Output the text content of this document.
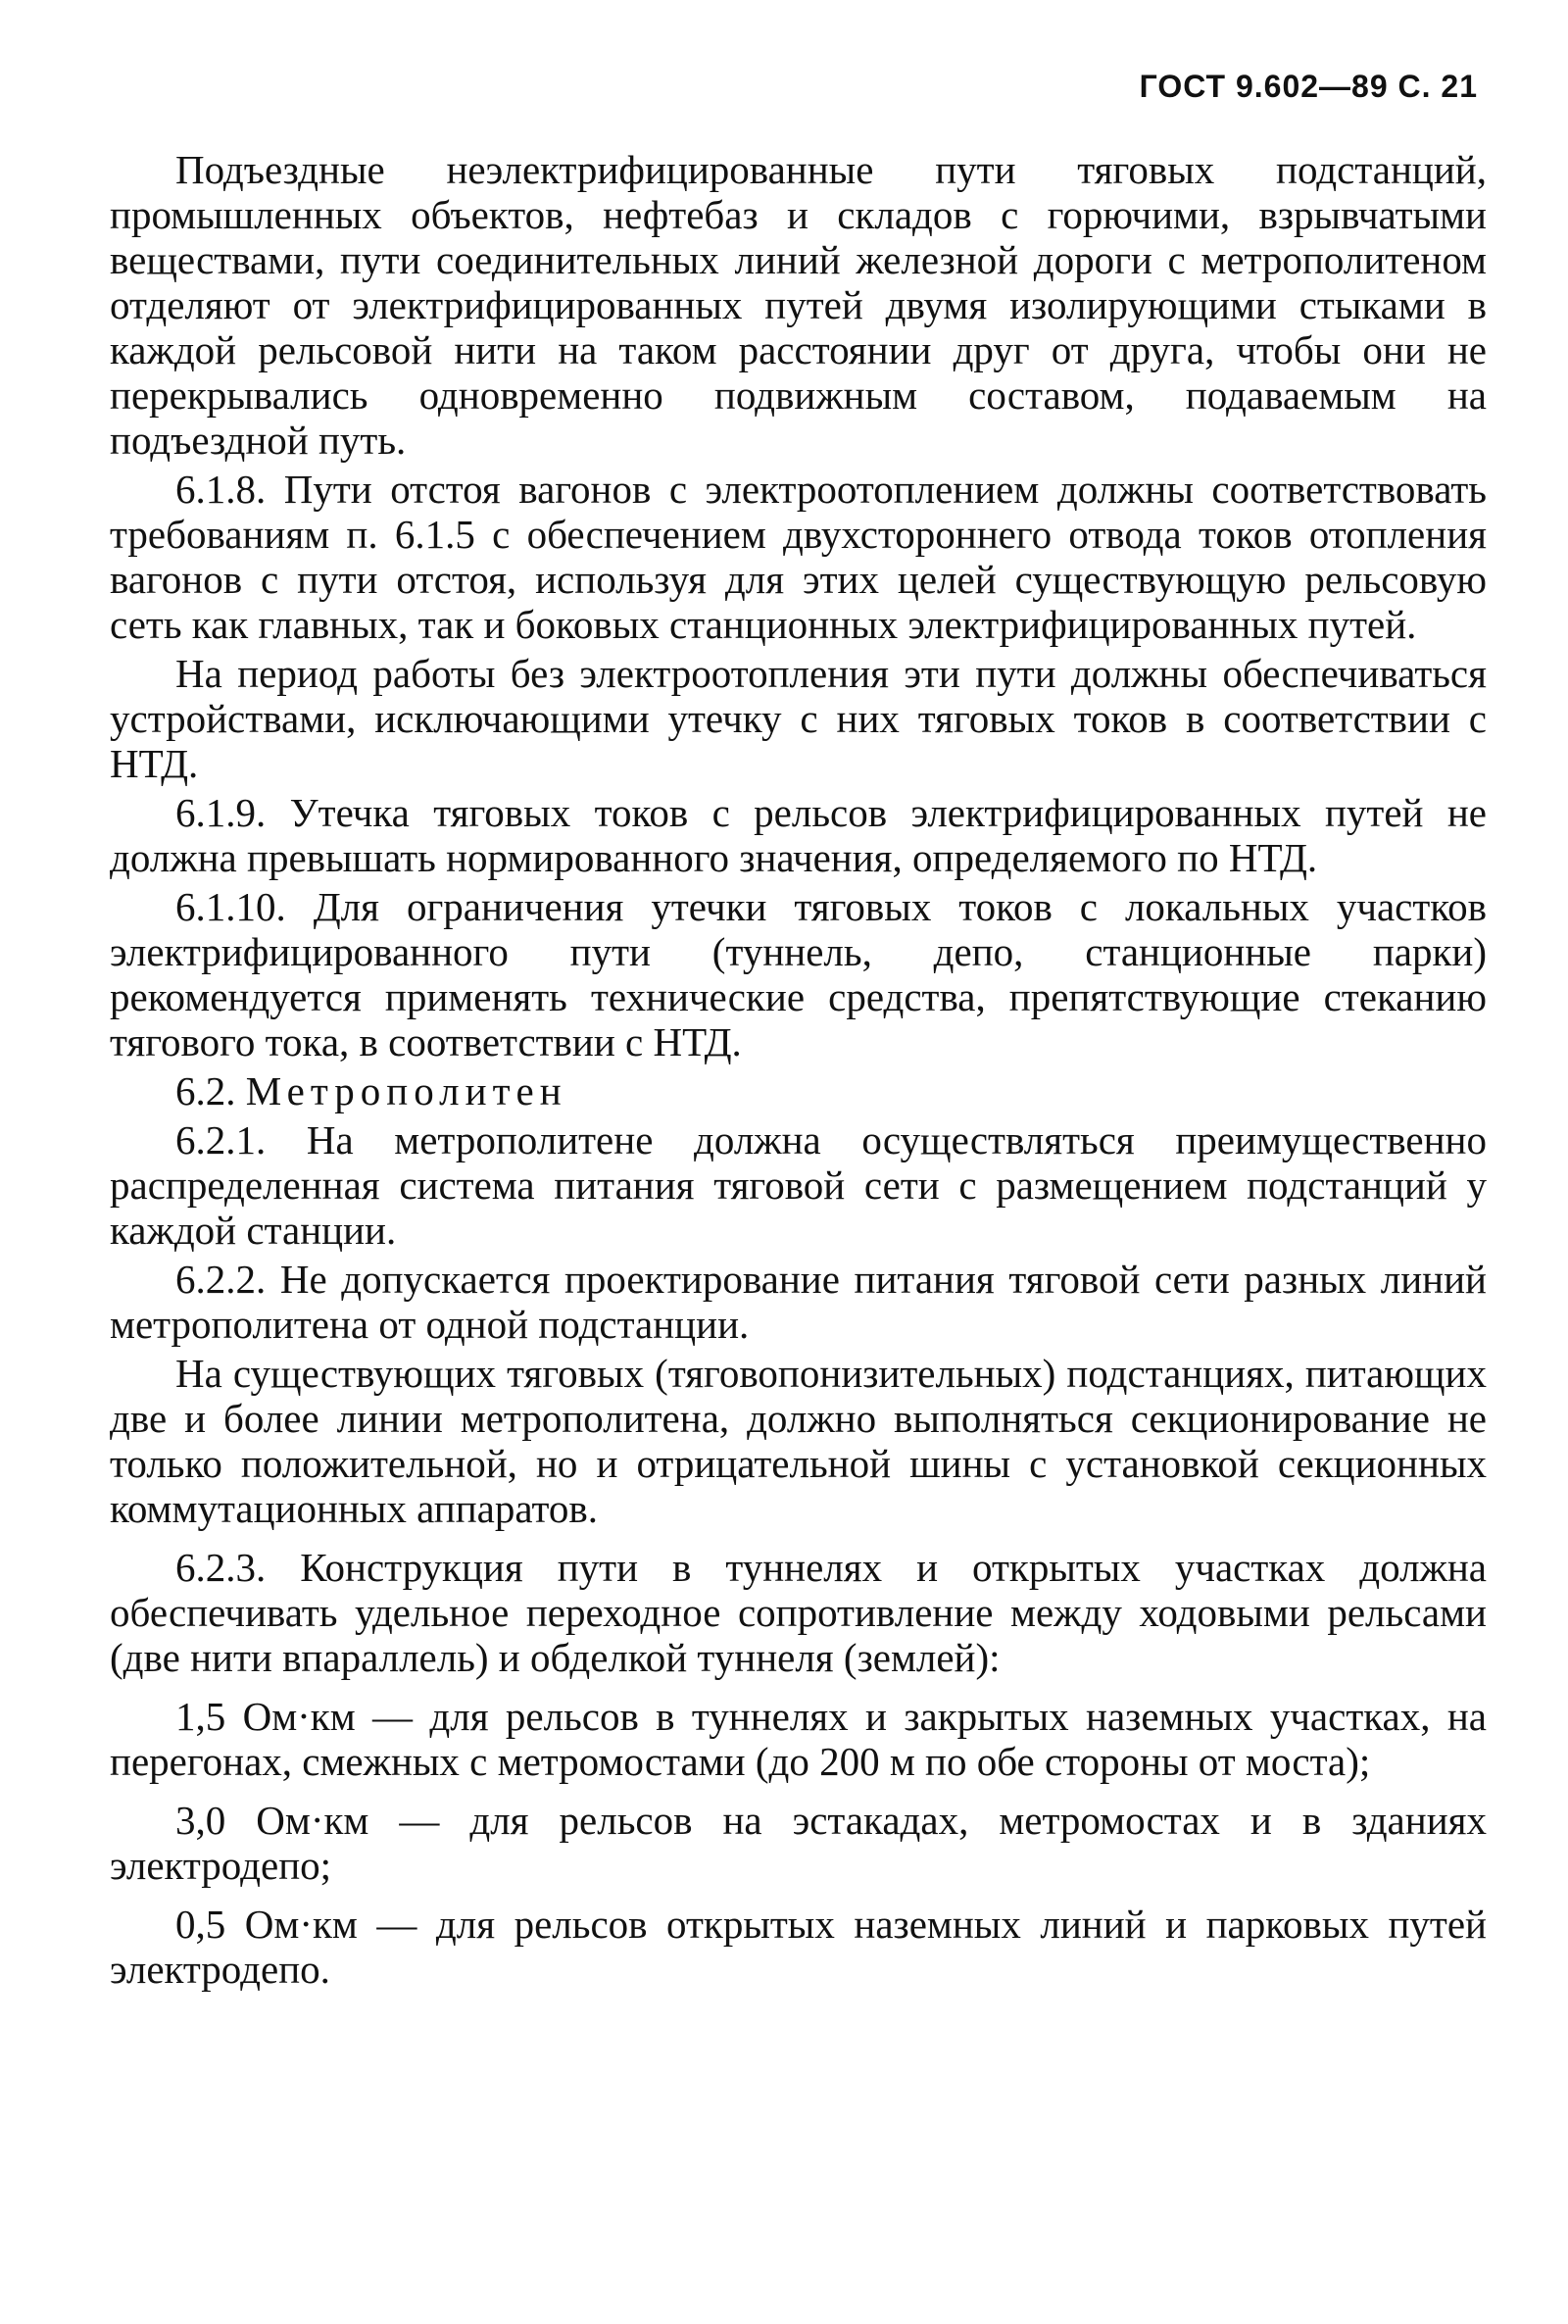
ГОСТ 9.602—89 С. 21

Подъездные неэлектрифицированные пути тяговых подстанций, промышленных объектов, нефтебаз и складов с горючими, взрывчатыми веществами, пути соединительных линий железной дороги с метрополитеном отделяют от электрифицированных путей двумя изолирующими стыками в каждой рельсовой нити на таком расстоянии друг от друга, чтобы они не перекрывались одновременно подвижным составом, подаваемым на подъездной путь.

6.1.8. Пути отстоя вагонов с электроотоплением должны соответствовать требованиям п. 6.1.5 с обеспечением двухстороннего отвода токов отопления вагонов с пути отстоя, используя для этих целей существующую рельсовую сеть как главных, так и боковых станционных электрифицированных путей.

На период работы без электроотопления эти пути должны обеспечиваться устройствами, исключающими утечку с них тяговых токов в соответствии с НТД.

6.1.9. Утечка тяговых токов с рельсов электрифицированных путей не должна превышать нормированного значения, определяемого по НТД.

6.1.10. Для ограничения утечки тяговых токов с локальных участков электрифицированного пути (туннель, депо, станционные парки) рекомендуется применять технические средства, препятствующие стеканию тягового тока, в соответствии с НТД.

6.2. Метрополитен

6.2.1. На метрополитене должна осуществляться преимущественно распределенная система питания тяговой сети с размещением подстанций у каждой станции.

6.2.2. Не допускается проектирование питания тяговой сети разных линий метрополитена от одной подстанции.

На существующих тяговых (тяговопонизительных) подстанциях, питающих две и более линии метрополитена, должно выполняться секционирование не только положительной, но и отрицательной шины с установкой секционных коммутационных аппаратов.

6.2.3. Конструкция пути в туннелях и открытых участках должна обеспечивать удельное переходное сопротивление между ходовыми рельсами (две нити впараллель) и обделкой туннеля (землей):

1,5 Ом·км — для рельсов в туннелях и закрытых наземных участках, на перегонах, смежных с метромостами (до 200 м по обе стороны от моста);

3,0 Ом·км — для рельсов на эстакадах, метромостах и в зданиях электродепо;

0,5 Ом·км — для рельсов открытых наземных линий и парковых путей электродепо.
